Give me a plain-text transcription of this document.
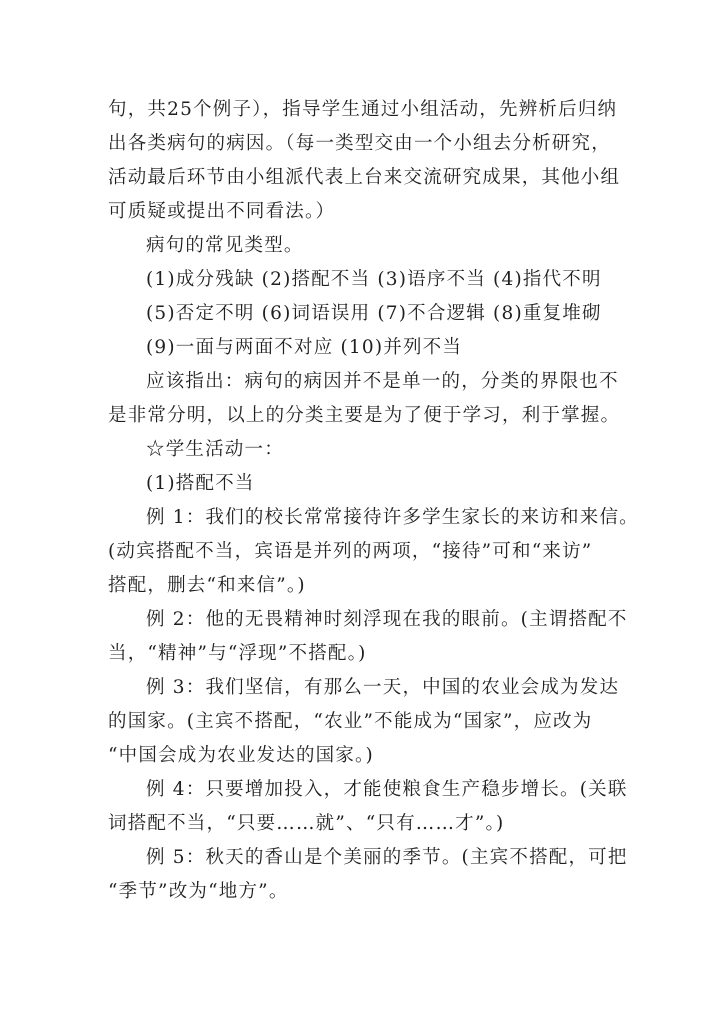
句，共25个例子），指导学生通过小组活动，先辨析后归纳
出各类病句的病因。（每一类型交由一个小组去分析研究，
活动最后环节由小组派代表上台来交流研究成果，其他小组
可质疑或提出不同看法。）
病句的常见类型。
(1)成分残缺 (2)搭配不当 (3)语序不当 (4)指代不明
(5)否定不明 (6)词语误用 (7)不合逻辑 (8)重复堆砌
(9)一面与两面不对应 (10)并列不当
应该指出：病句的病因并不是单一的，分类的界限也不
是非常分明，以上的分类主要是为了便于学习，利于掌握。
☆学生活动一：
(1)搭配不当
例 1：我们的校长常常接待许多学生家长的来访和来信。
(动宾搭配不当，宾语是并列的两项，“接待”可和“来访”
搭配，删去“和来信”。)
例 2：他的无畏精神时刻浮现在我的眼前。(主谓搭配不
当，“精神”与“浮现”不搭配。)
例 3：我们坚信，有那么一天，中国的农业会成为发达
的国家。(主宾不搭配，“农业”不能成为“国家”，应改为
“中国会成为农业发达的国家。)
例 4：只要增加投入，才能使粮食生产稳步增长。(关联
词搭配不当，“只要……就”、“只有……才”。)
例 5：秋天的香山是个美丽的季节。(主宾不搭配，可把
“季节”改为“地方”。
